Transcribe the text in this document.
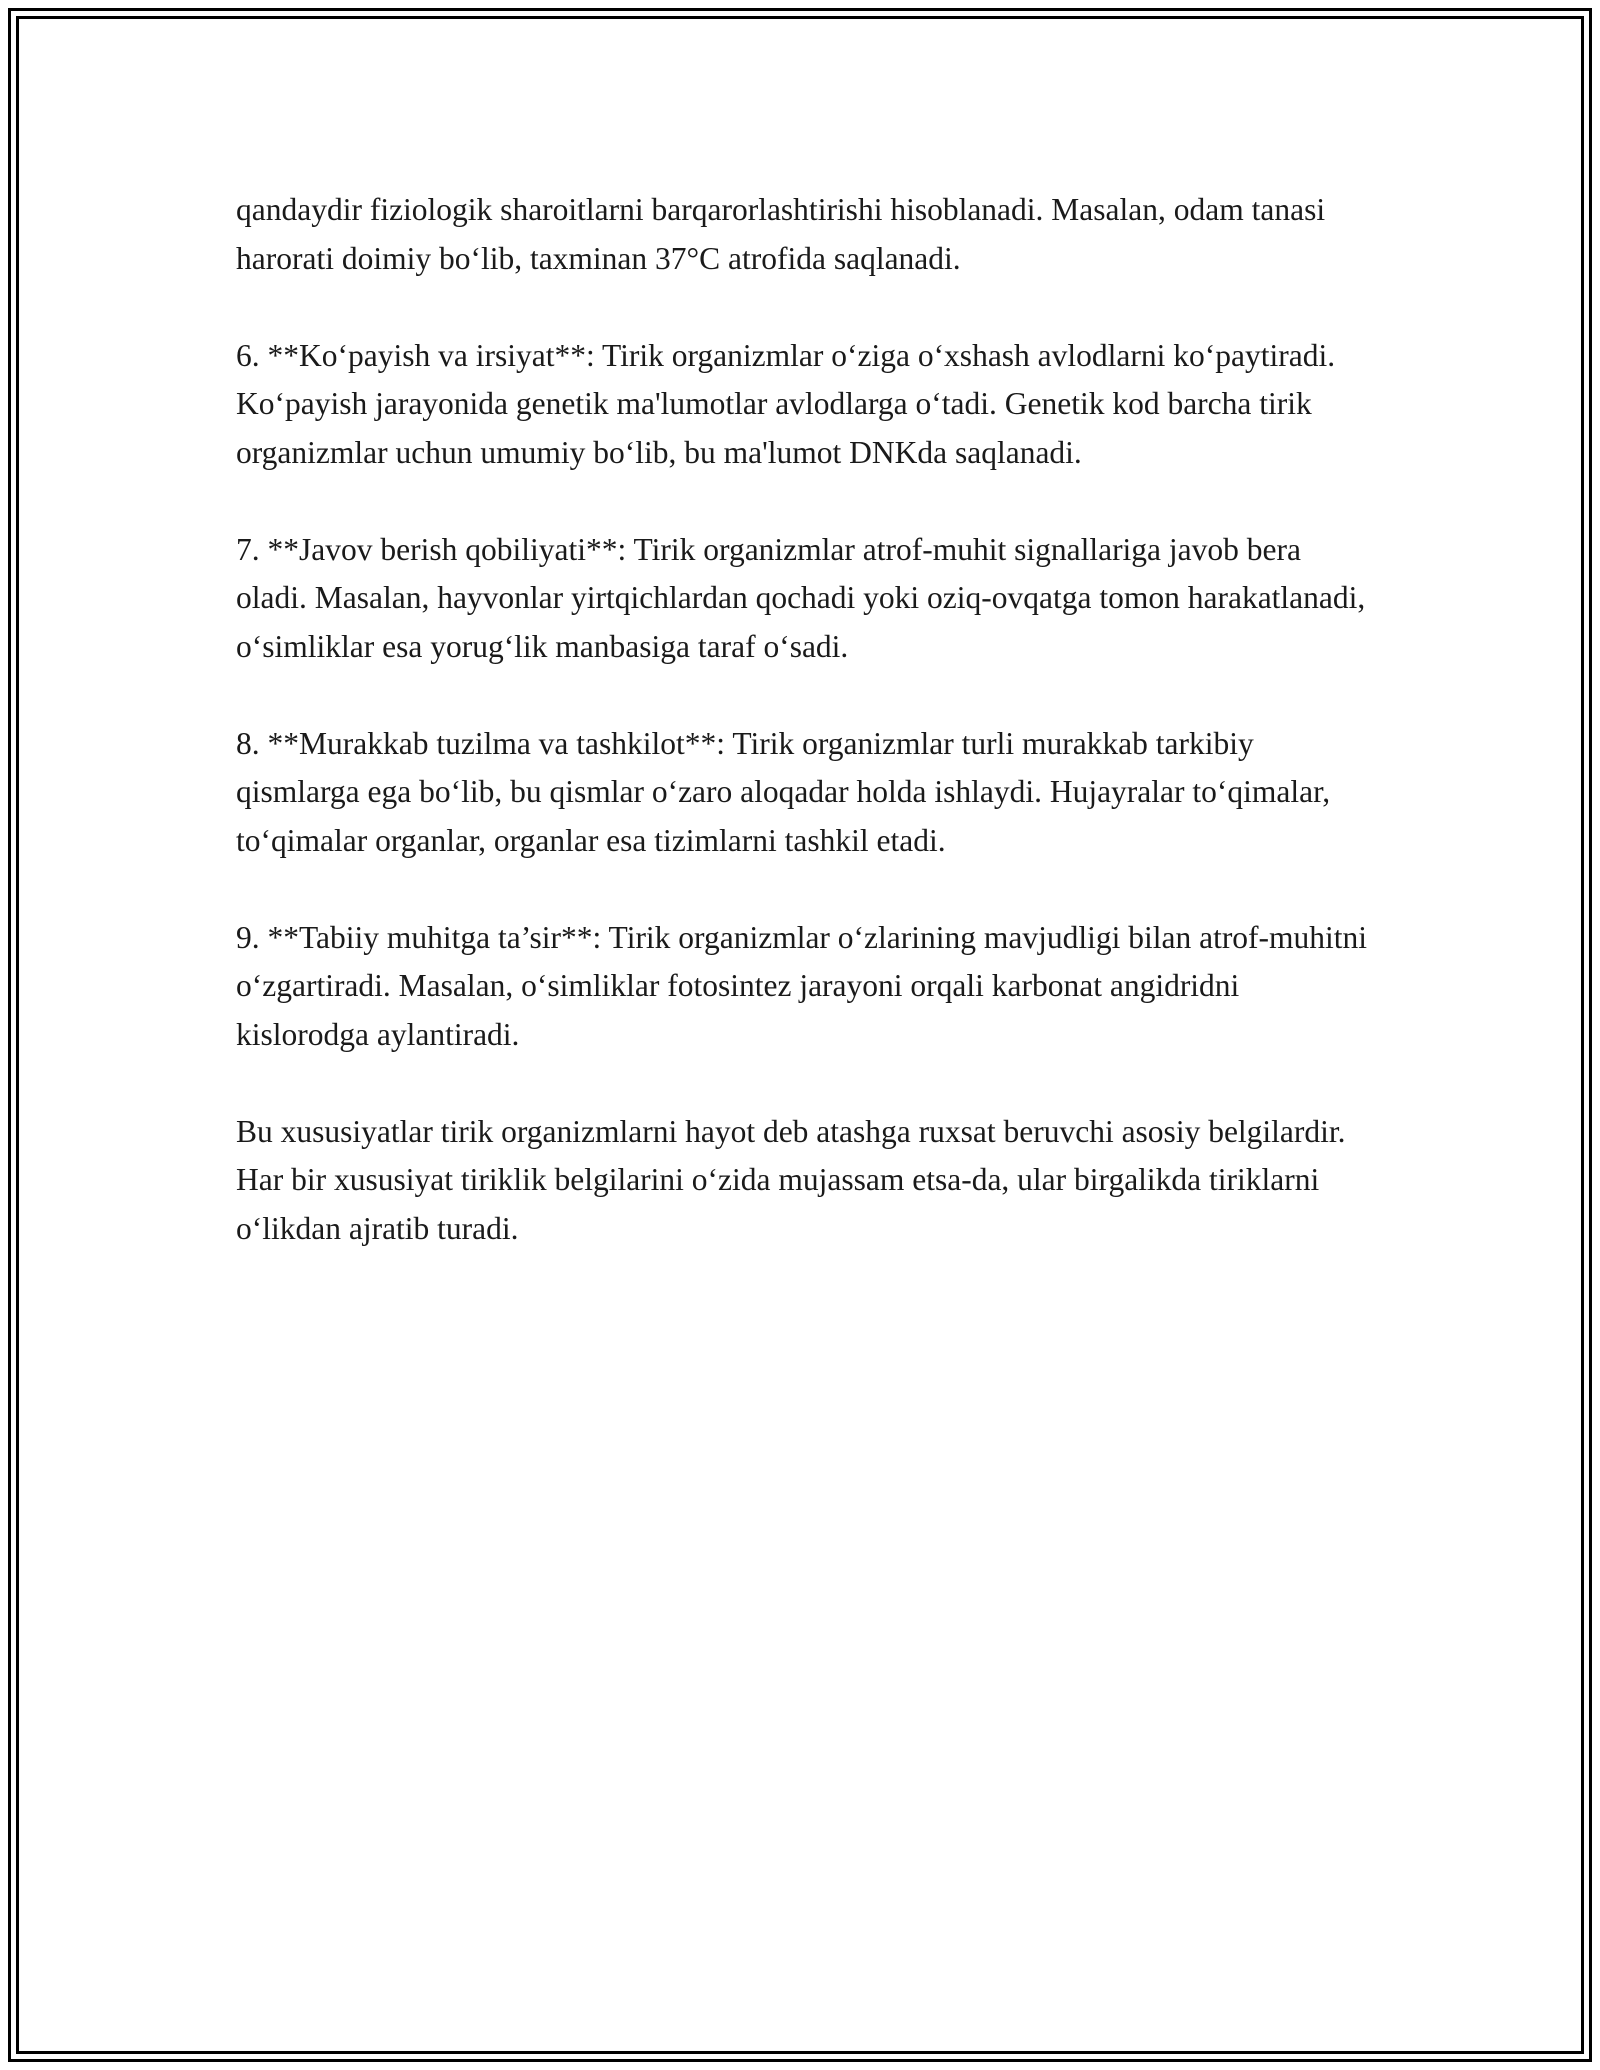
qandaydir fiziologik sharoitlarni barqarorlashtirishi hisoblanadi. Masalan, odam tanasi harorati doimiy bo‘lib, taxminan 37°C atrofida saqlanadi.

6. **Ko‘payish va irsiyat**: Tirik organizmlar o‘ziga o‘xshash avlodlarni ko‘paytiradi. Ko‘payish jarayonida genetik ma'lumotlar avlodlarga o‘tadi. Genetik kod barcha tirik organizmlar uchun umumiy bo‘lib, bu ma'lumot DNKda saqlanadi.

7. **Javov berish qobiliyati**: Tirik organizmlar atrof-muhit signallariga javob bera oladi. Masalan, hayvonlar yirtqichlardan qochadi yoki oziq-ovqatga tomon harakatlanadi, o‘simliklar esa yorug‘lik manbasiga taraf o‘sadi.

8. **Murakkab tuzilma va tashkilot**: Tirik organizmlar turli murakkab tarkibiy qismlarga ega bo‘lib, bu qismlar o‘zaro aloqadar holda ishlaydi. Hujayralar to‘qimalar, to‘qimalar organlar, organlar esa tizimlarni tashkil etadi.

9. **Tabiiy muhitga ta’sir**: Tirik organizmlar o‘zlarining mavjudligi bilan atrof-muhitni o‘zgartiradi. Masalan, o‘simliklar fotosintez jarayoni orqali karbonat angidridni kislorodga aylantiradi.

Bu xususiyatlar tirik organizmlarni hayot deb atashga ruxsat beruvchi asosiy belgilardir. Har bir xususiyat tiriklik belgilarini o‘zida mujassam etsa-da, ular birgalikda tiriklarni o‘likdan ajratib turadi.
